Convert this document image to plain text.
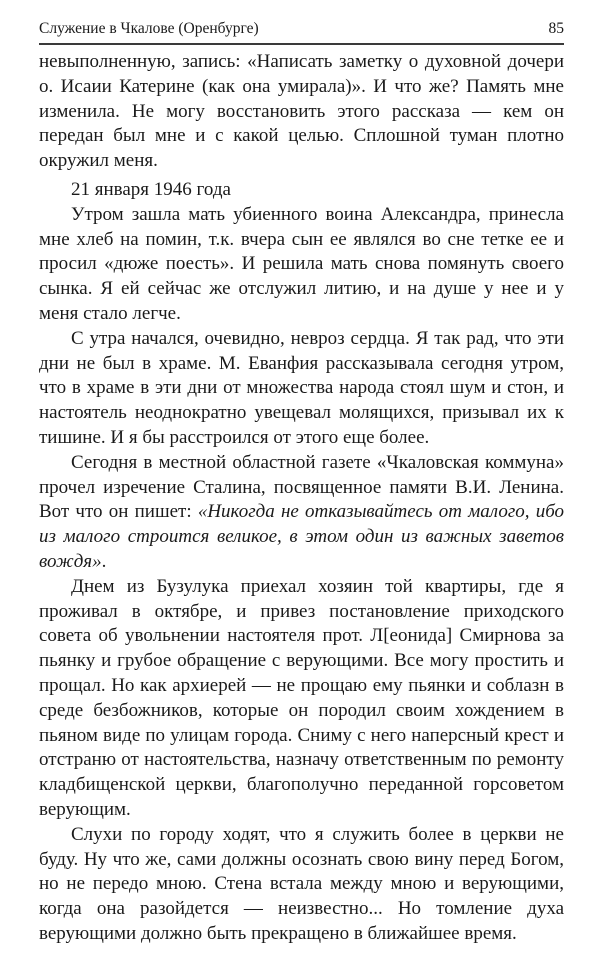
Служение в Чкалове (Оренбурге)	85

невыполненную, запись: «Написать заметку о духовной дочери о. Исаии Катерине (как она умирала)». И что же? Память мне изменила. Не могу восстановить этого рассказа — кем он передан был мне и с какой целью. Сплошной туман плотно окружил меня.

21 января 1946 года

Утром зашла мать убиенного воина Александра, принесла мне хлеб на помин, т.к. вчера сын ее являлся во сне тетке ее и просил «дюже поесть». И решила мать снова помянуть своего сынка. Я ей сейчас же отслужил литию, и на душе у нее и у меня стало легче.

С утра начался, очевидно, невроз сердца. Я так рад, что эти дни не был в храме. М. Еванфия рассказывала сегодня утром, что в храме в эти дни от множества народа стоял шум и стон, и настоятель неоднократно увещевал молящихся, призывал их к тишине. И я бы расстроился от этого еще более.

Сегодня в местной областной газете «Чкаловская коммуна» прочел изречение Сталина, посвященное памяти В.И. Ленина. Вот что он пишет: «Никогда не отказывайтесь от малого, ибо из малого строится великое, в этом один из важных заветов вождя».

Днем из Бузулука приехал хозяин той квартиры, где я проживал в октябре, и привез постановление приходского совета об увольнении настоятеля прот. Л[еонида] Смирнова за пьянку и грубое обращение с верующими. Все могу простить и прощал. Но как архиерей — не прощаю ему пьянки и соблазн в среде безбожников, которые он породил своим хождением в пьяном виде по улицам города. Сниму с него наперсный крест и отстраню от настоятельства, назначу ответственным по ремонту кладбищенской церкви, благополучно переданной горсоветом верующим.

Слухи по городу ходят, что я служить более в церкви не буду. Ну что же, сами должны осознать свою вину перед Богом, но не передо мною. Стена встала между мною и верующими, когда она разойдется — неизвестно... Но томление духа верующими должно быть прекращено в ближайшее время.
